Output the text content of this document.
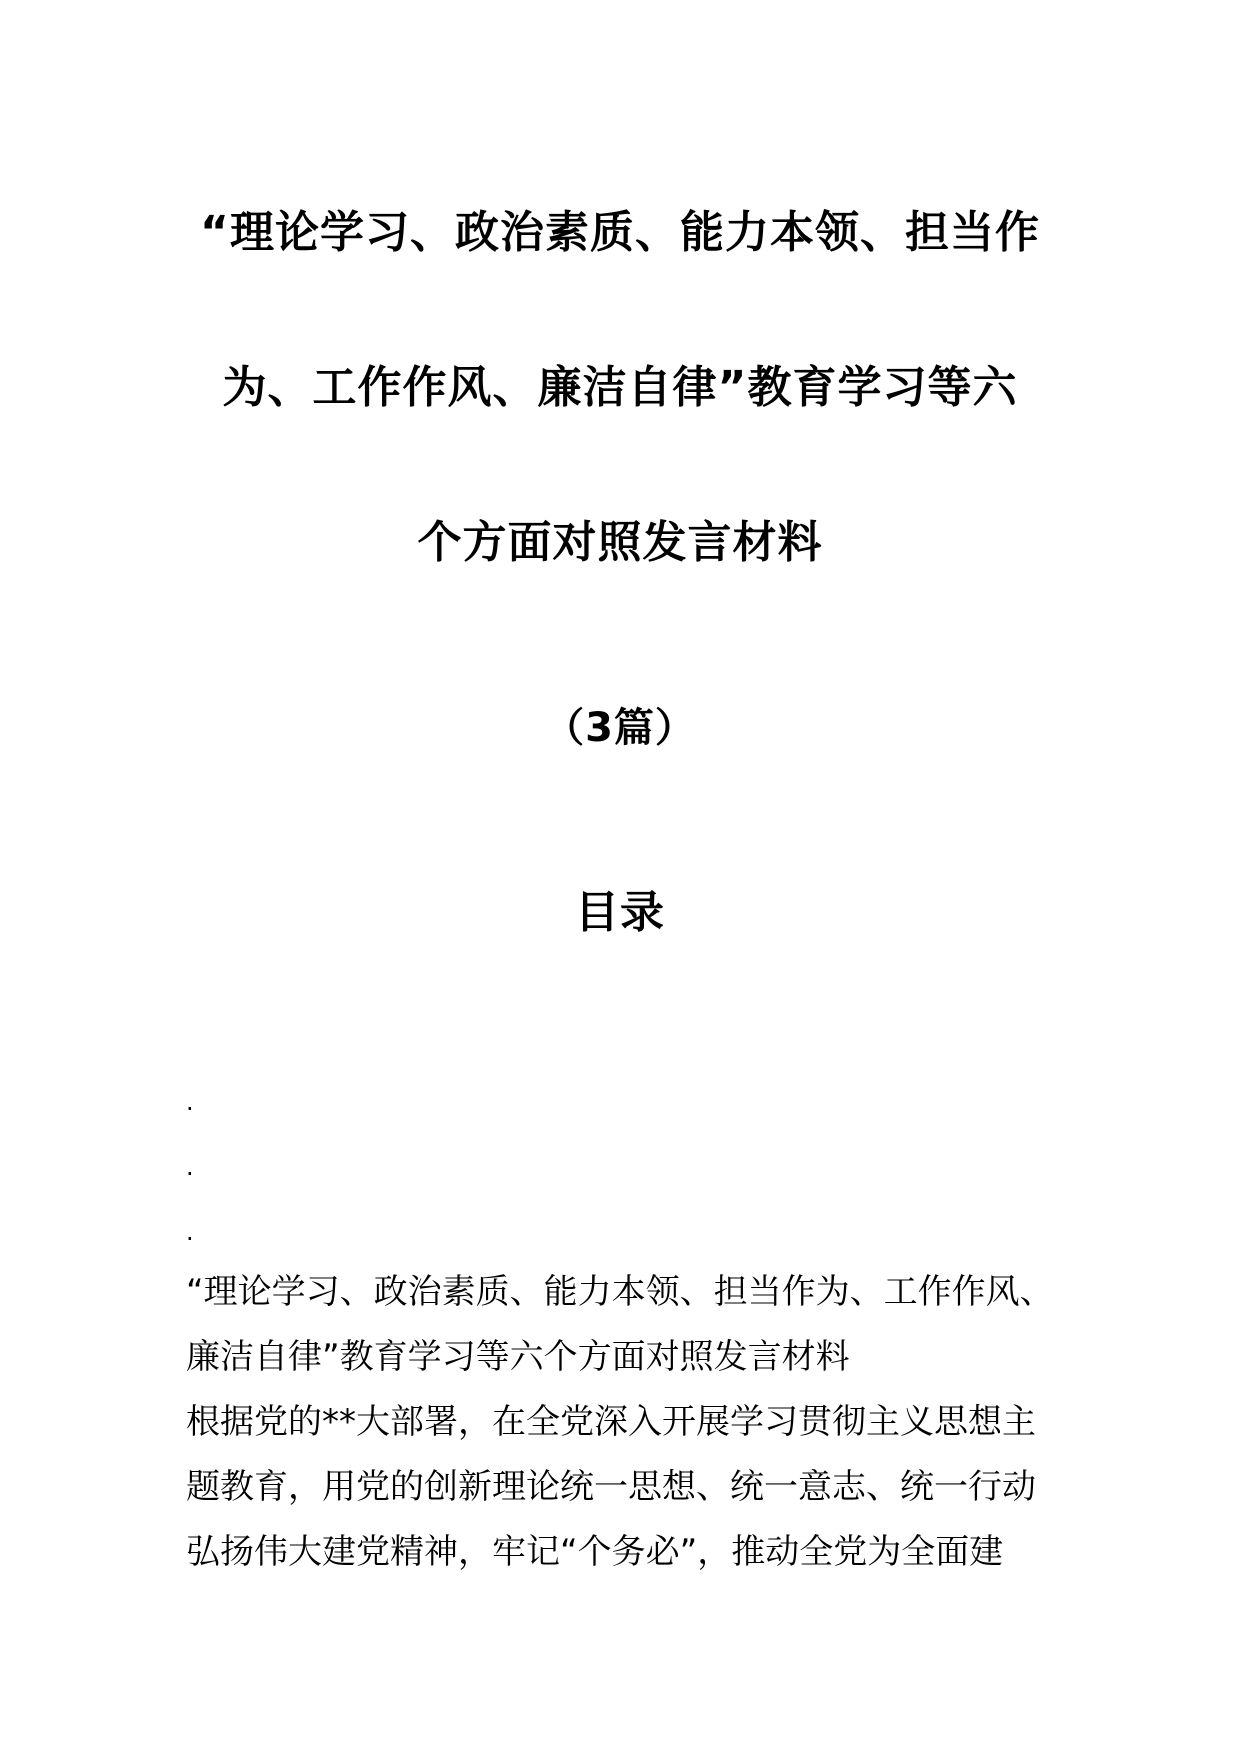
“理论学习、政治素质、能力本领、担当作
为、工作作风、廉洁自律”教育学习等六
个方面对照发言材料
（3篇）
目录
.
.
.
“理论学习、政治素质、能力本领、担当作为、工作作风、
廉洁自律”教育学习等六个方面对照发言材料
根据党的**大部署，在全党深入开展学习贯彻主义思想主
题教育，用党的创新理论统一思想、统一意志、统一行动
弘扬伟大建党精神，牢记“个务必”，推动全党为全面建
